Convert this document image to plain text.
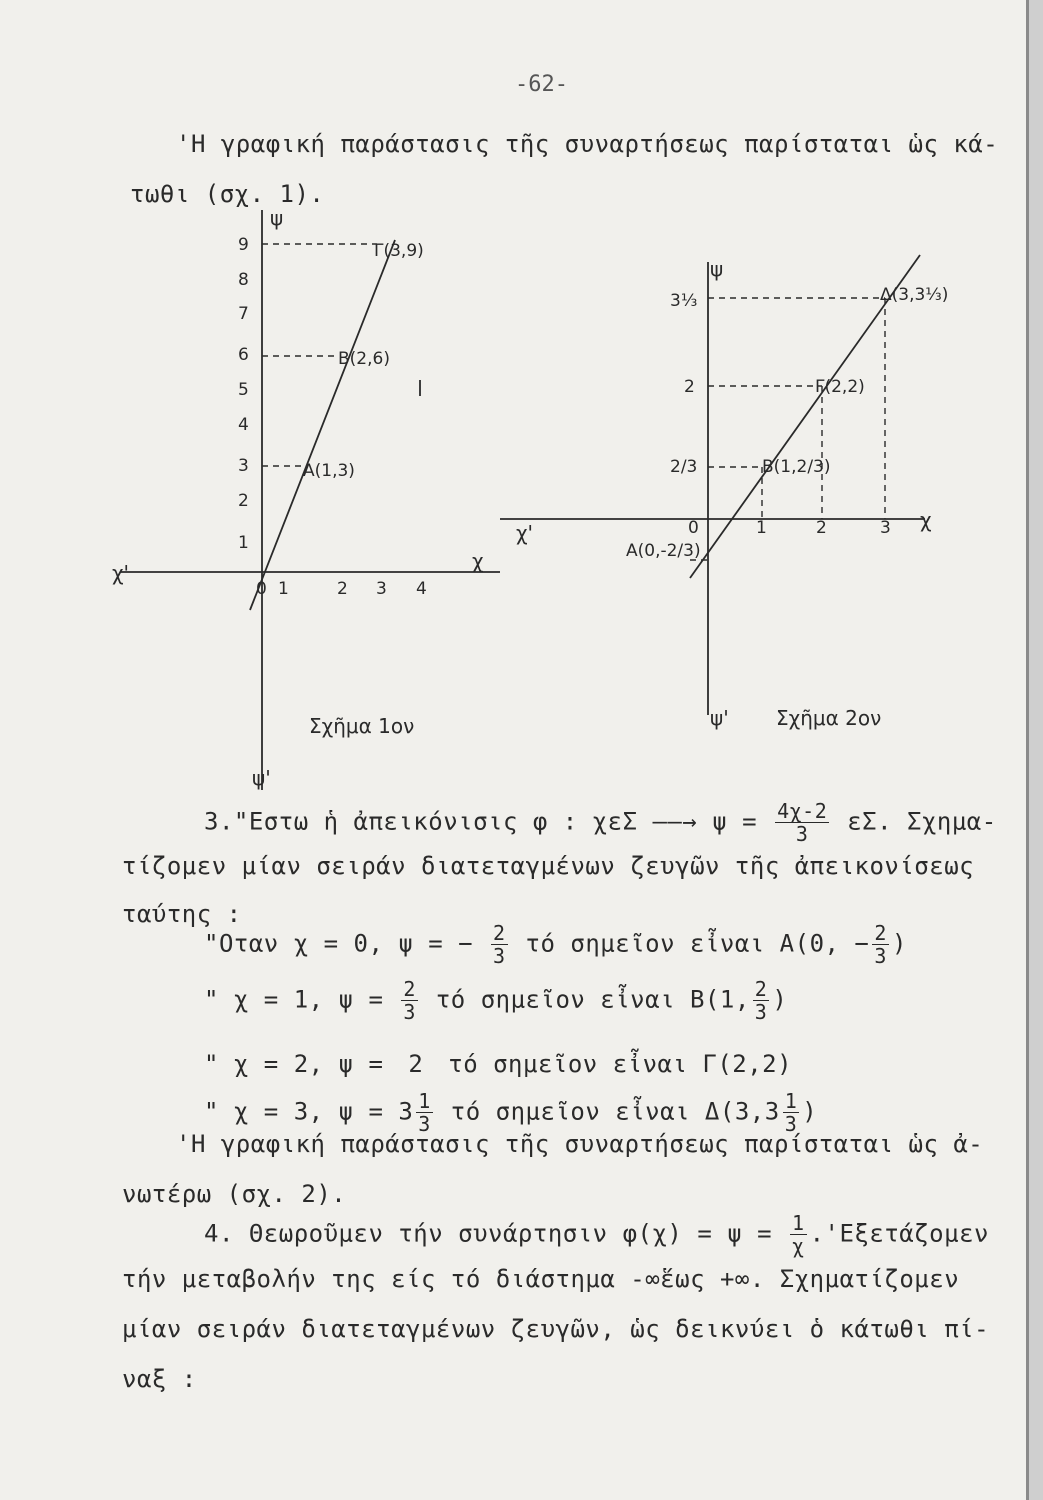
-62-
'Η γραφική παράστασις τῆς συναρτήσεως παρίσταται ὡς κά-
τωθι (σχ. 1).
χ'	χ
ψ
ψ'
0 1	2 3 4
1
2
3
4
5
6
7
8
9	Γ(3,9)
B(2,6)
A(1,3)
Σχῆμα 1ον
χ'
χ
ψ
ψ'
0	1	2	3
3⅓
2
2/3
Δ(3,3⅓)
Γ(2,2)
B(1,2/3)
A(0,-2/3)
Σχῆμα 2ον
3."Εστω ἡ ἀπεικόνισις φ : χεΣ ——→ $\psi = \frac{4\chi-2}{3} \varepsilon\Sigma$. Σχημα-
τίζομεν μίαν σειράν διατεταγμένων ζευγῶν τῆς ἀπεικονίσεως
ταύτης :
"Οταν χ = 0, ψ = − $\frac{2}{3}$ τό σημεῖον εἶναι A(0, − $\frac{2}{3}$ )
" χ = 1, $\psi = \frac{2}{3}$ τό σημεῖον εἶναι B(1, $\frac{2}{3}$ )
" χ = 2, ψ = 2 τό σημεῖον εἶναι Γ(2,2)
" χ = 3, $\psi = 3 \frac{1}{3}$ τό σημεῖον εἶναι $\Delta(3,3 \frac{1}{3}$ )
'Η γραφική παράστασις τῆς συναρτήσεως παρίσταται ὡς ἀ-
νωτέρω (σχ. 2).
4. Θεωροῦμεν τήν συνάρτησιν $\varphi(\chi) = \psi = \frac{1}{\chi} .'E\xi\varepsilon\tau ά\zeta o\mu\varepsilon\nu$
τήν μεταβολήν της είς τό διάστημα -∞ἕως +∞. Σχηματίζομεν
μίαν σειράν διατεταγμένων ζευγῶν, ὡς δεικνύει ὁ κάτωθι πί-
ναξ :
